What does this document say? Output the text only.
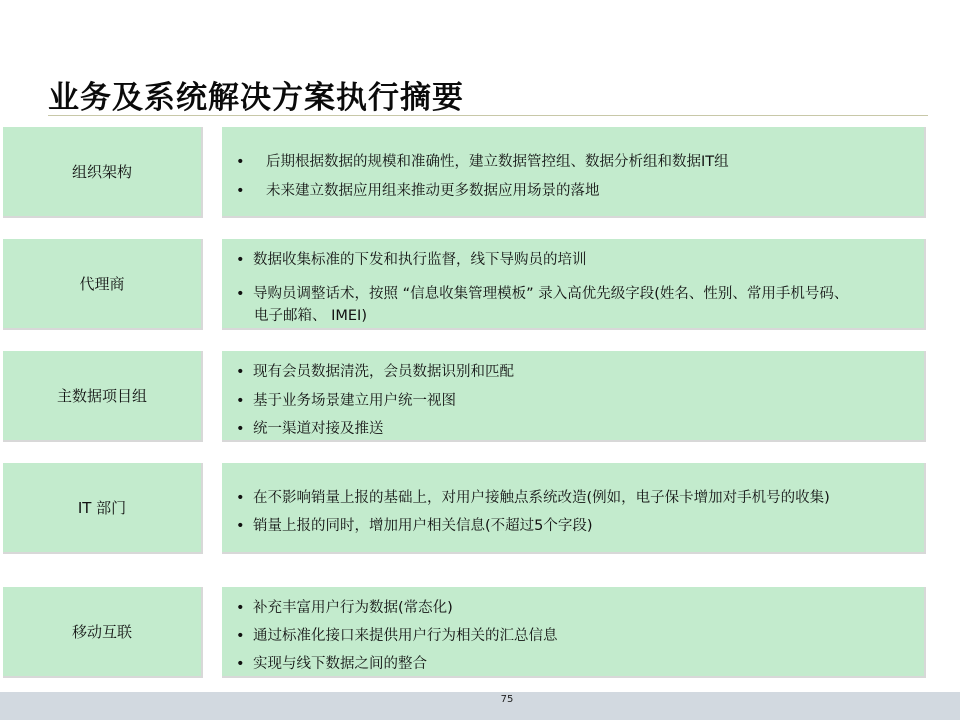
业务及系统解决方案执行摘要
组织架构
• 后期根据数据的规模和准确性，建立数据管控组、数据分析组和数据IT组
• 未来建立数据应用组来推动更多数据应用场景的落地
代理商
• 数据收集标准的下发和执行监督，线下导购员的培训
• 导购员调整话术，按照 “信息收集管理模板” 录入高优先级字段(姓名、性别、常用手机号码、
电子邮箱、 IMEI)
主数据项目组
• 现有会员数据清洗，会员数据识别和匹配
• 基于业务场景建立用户统一视图
• 统一渠道对接及推送
IT 部门
• 在不影响销量上报的基础上，对用户接触点系统改造(例如，电子保卡增加对手机号的收集)
• 销量上报的同时，增加用户相关信息(不超过5个字段)
移动互联
• 补充丰富用户行为数据(常态化)
• 通过标准化接口来提供用户行为相关的汇总信息
• 实现与线下数据之间的整合
75
